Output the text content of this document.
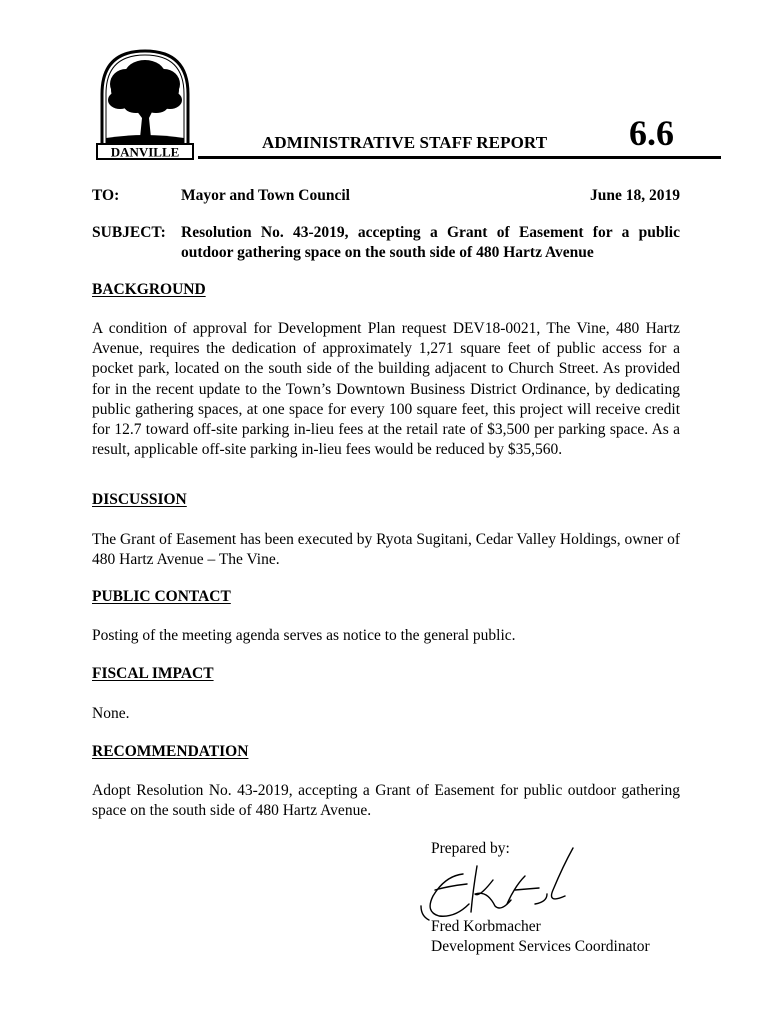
DANVILLE	ADMINISTRATIVE STAFF REPORT 6.6
TO:	Mayor and Town Council	June 18, 2019
SUBJECT: Resolution No. 43-2019, accepting a Grant of Easement for a public outdoor gathering space on the south side of 480 Hartz Avenue
BACKGROUND
A condition of approval for Development Plan request DEV18-0021, The Vine, 480 Hartz Avenue, requires the dedication of approximately 1,271 square feet of public access for a pocket park, located on the south side of the building adjacent to Church Street. As provided for in the recent update to the Town’s Downtown Business District Ordinance, by dedicating public gathering spaces, at one space for every 100 square feet, this project will receive credit for 12.7 toward off-site parking in-lieu fees at the retail rate of $3,500 per parking space. As a result, applicable off-site parking in-lieu fees would be reduced by $35,560.
DISCUSSION
The Grant of Easement has been executed by Ryota Sugitani, Cedar Valley Holdings, owner of 480 Hartz Avenue – The Vine.
PUBLIC CONTACT
Posting of the meeting agenda serves as notice to the general public.
FISCAL IMPACT
None.
RECOMMENDATION
Adopt Resolution No. 43-2019, accepting a Grant of Easement for public outdoor gathering space on the south side of 480 Hartz Avenue.
Prepared by:
Fred Korbmacher
Development Services Coordinator
